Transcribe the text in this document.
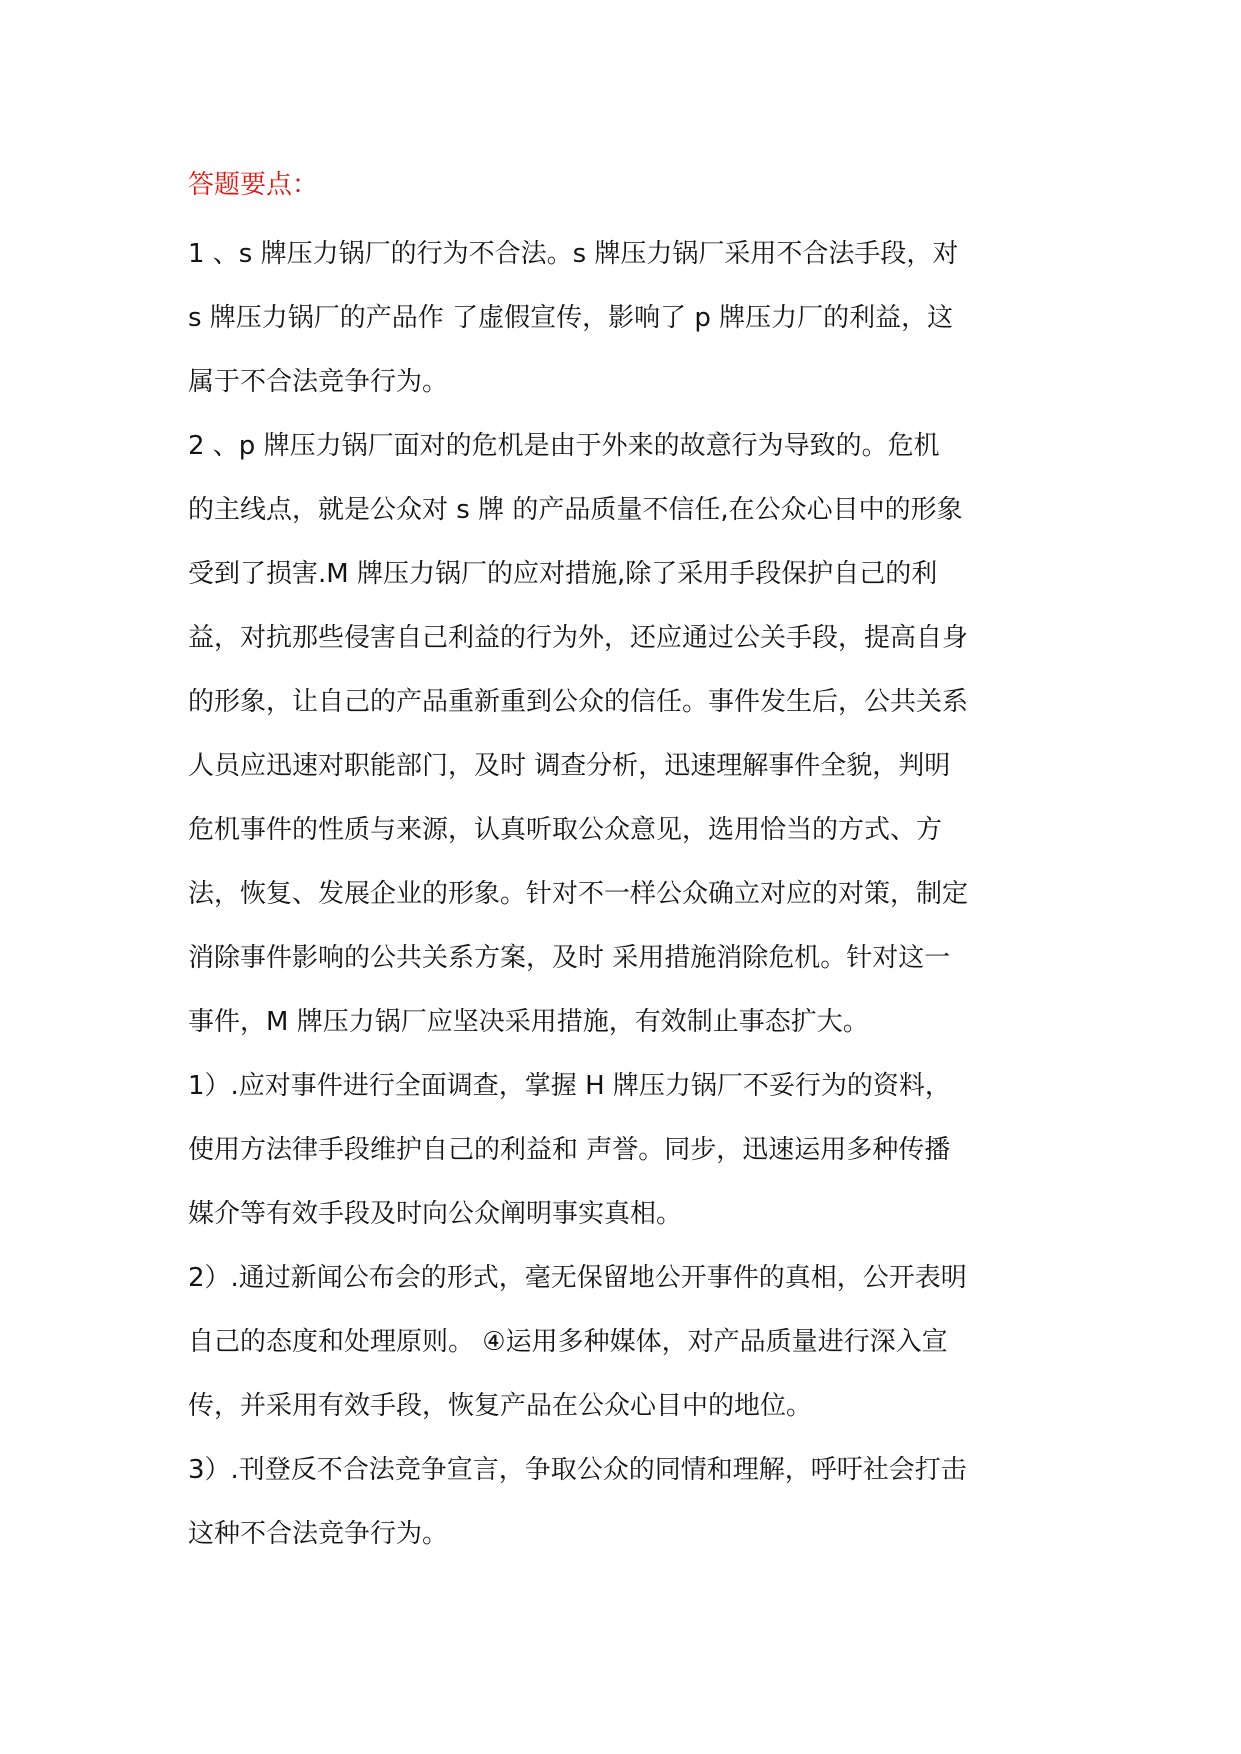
答题要点：
1 、s 牌压力锅厂的行为不合法。s 牌压力锅厂采用不合法手段，对
s 牌压力锅厂的产品作 了虚假宣传，影响了 p 牌压力厂的利益，这
属于不合法竞争行为。
2 、p 牌压力锅厂面对的危机是由于外来的故意行为导致的。危机
的主线点，就是公众对 s 牌 的产品质量不信任,在公众心目中的形象
受到了损害.M 牌压力锅厂的应对措施,除了采用手段保护自己的利
益，对抗那些侵害自己利益的行为外，还应通过公关手段，提高自身
的形象，让自己的产品重新重到公众的信任。事件发生后，公共关系
人员应迅速对职能部门，及时 调查分析，迅速理解事件全貌，判明
危机事件的性质与来源，认真听取公众意见，选用恰当的方式、方
法，恢复、发展企业的形象。针对不一样公众确立对应的对策，制定
消除事件影响的公共关系方案，及时 采用措施消除危机。针对这一
事件，M 牌压力锅厂应坚决采用措施，有效制止事态扩大。
1）.应对事件进行全面调查，掌握 H 牌压力锅厂不妥行为的资料，
使用方法律手段维护自己的利益和 声誉。同步，迅速运用多种传播
媒介等有效手段及时向公众阐明事实真相。
2）.通过新闻公布会的形式，毫无保留地公开事件的真相，公开表明
自己的态度和处理原则。 ④运用多种媒体，对产品质量进行深入宣
传，并采用有效手段，恢复产品在公众心目中的地位。
3）.刊登反不合法竞争宣言，争取公众的同情和理解，呼吁社会打击
这种不合法竞争行为。
